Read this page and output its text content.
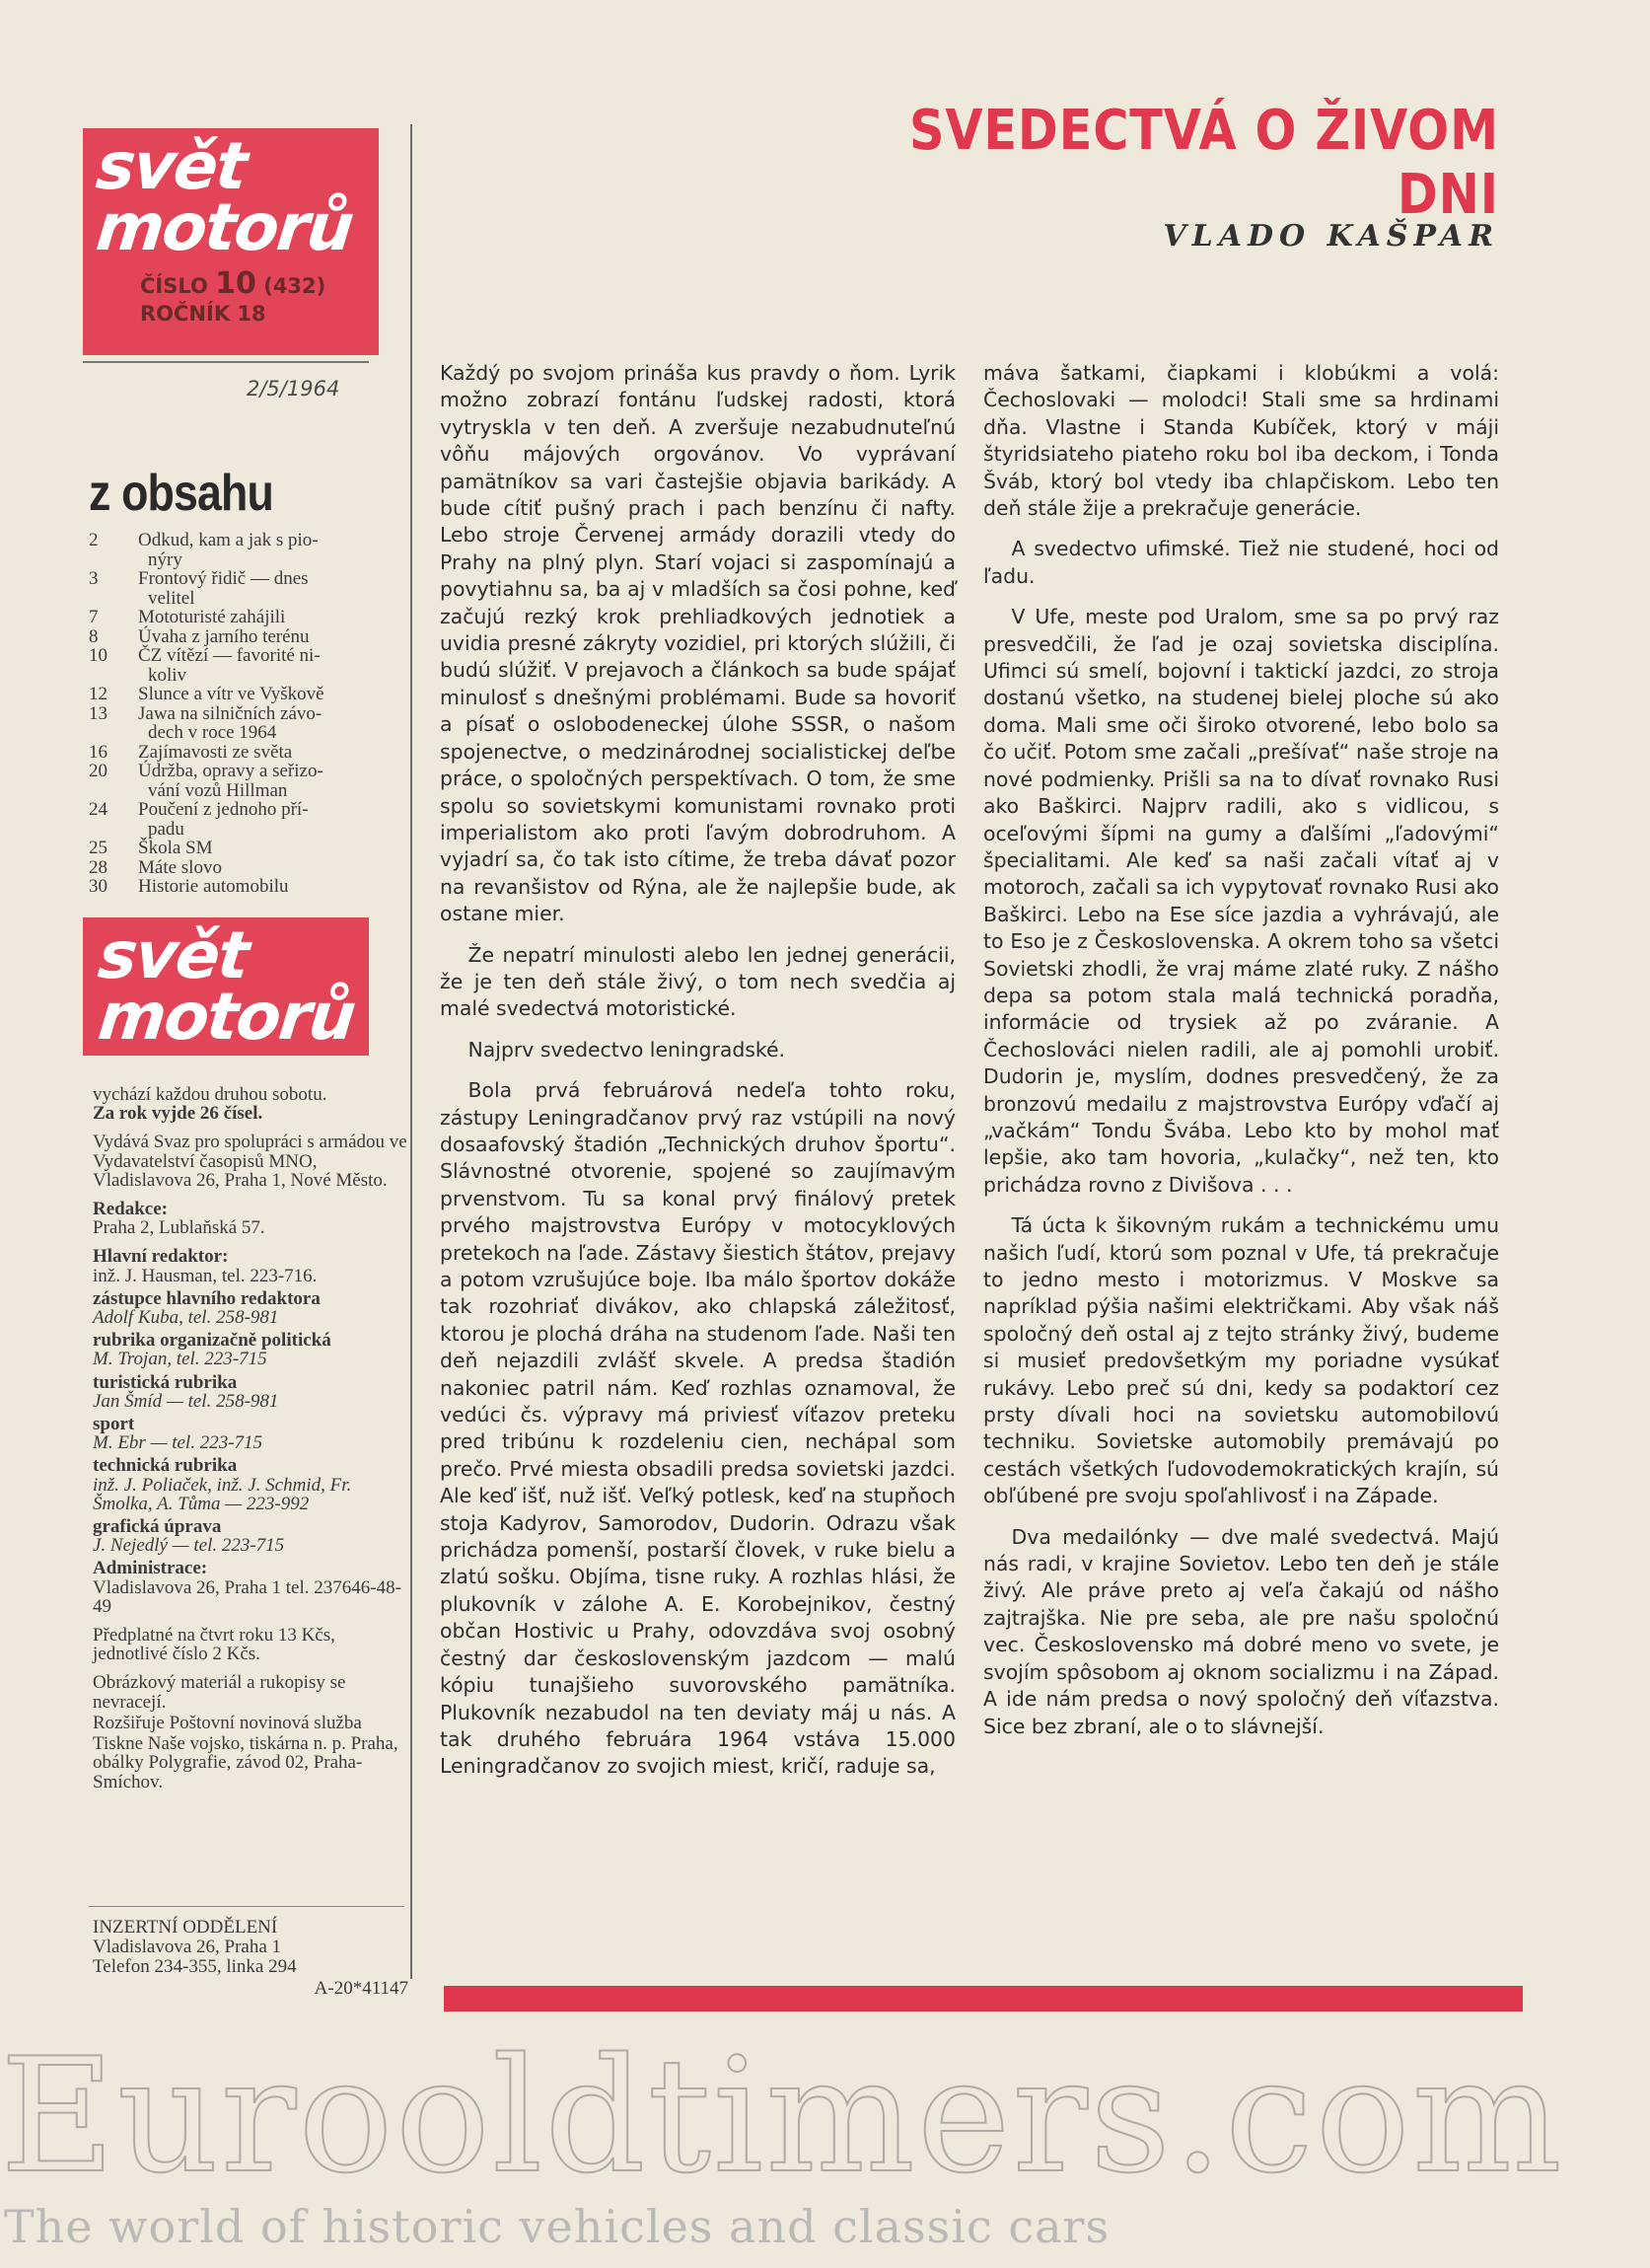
svět
motorů
ČÍSLO 10 (432)
ROČNÍK 18
2/5/1964
z obsahu
2	Odkud, kam a jak s pio-
nýry
3	Frontový řidič — dnes
velitel
7	Mototuristé zahájili
8	Úvaha z jarního terénu
10	ČZ vítězí — favorité ni-
koliv
12	Slunce a vítr ve Vyškově
13	Jawa na silničních závo-
dech v roce 1964
16	Zajímavosti ze světa
20	Údržba, opravy a seřizo-
vání vozů Hillman
24	Poučení z jednoho pří-
padu
25	Škola SM
28	Máte slovo
30	Historie automobilu
svět
motorů

vychází každou druhou sobotu.
Za rok vyjde 26 čísel.

Vydává Svaz pro spolupráci s armádou ve Vydavatelství časopisů MNO, Vladislavova 26, Praha 1, Nové Město.

Redakce:
Praha 2, Lublaňská 57.

Hlavní redaktor:
inž. J. Hausman, tel. 223-716.

zástupce hlavního redaktora
Adolf Kuba, tel. 258-981

rubrika organizačně politická
M. Trojan, tel. 223-715

turistická rubrika
Jan Šmíd — tel. 258-981

sport
M. Ebr — tel. 223-715

technická rubrika
inž. J. Poliaček, inž. J. Schmid, Fr. Šmolka, A. Tůma — 223-992

grafická úprava
J. Nejedlý — tel. 223-715

Administrace:
Vladislavova 26, Praha 1 tel. 237646-48-49

Předplatné na čtvrt roku 13 Kčs, jednotlivé číslo 2 Kčs.

Obrázkový materiál a rukopisy se nevracejí.

Rozšiřuje Poštovní novinová služba

Tiskne Naše vojsko, tiskárna n. p. Praha, obálky Polygrafie, závod 02, Praha-Smíchov.

INZERTNÍ ODDĚLENÍ
Vladislavova 26, Praha 1
Telefon 234-355, linka 294
A-20*41147
SVEDECTVÁ O ŽIVOM DNI
VLADO KAŠPAR

Každý po svojom prináša kus pravdy o ňom. Lyrik možno zobrazí fontánu ľudskej radosti, ktorá vytryskla v ten deň. A zveršuje nezabudnuteľnú vôňu májových orgovánov. Vo vyprávaní pamätníkov sa vari častejšie objavia barikády. A bude cítiť pušný prach i pach benzínu či nafty. Lebo stroje Červenej armády dorazili vtedy do Prahy na plný plyn. Starí vojaci si zaspomínajú a povytiahnu sa, ba aj v mladších sa čosi pohne, keď začujú rezký krok prehliadkových jednotiek a uvidia presné zákryty vozidiel, pri ktorých slúžili, či budú slúžiť. V prejavoch a článkoch sa bude spájať minulosť s dnešnými problémami. Bude sa hovoriť a písať o oslobodeneckej úlohe SSSR, o našom spojenectve, o medzinárodnej socialistickej deľbe práce, o spoločných perspektívach. O tom, že sme spolu so sovietskymi komunistami rovnako proti imperialistom ako proti ľavým dobrodruhom. A vyjadrí sa, čo tak isto cítime, že treba dávať pozor na revanšistov od Rýna, ale že najlepšie bude, ak ostane mier.

Že nepatrí minulosti alebo len jednej generácii, že je ten deň stále živý, o tom nech svedčia aj malé svedectvá motoristické.

Najprv svedectvo leningradské.

Bola prvá februárová nedeľa tohto roku, zástupy Leningradčanov prvý raz vstúpili na nový dosaafovský štadión „Technických druhov športu“. Slávnostné otvorenie, spojené so zaujímavým prvenstvom. Tu sa konal prvý finálový pretek prvého majstrovstva Európy v motocyklových pretekoch na ľade. Zástavy šiestich štátov, prejavy a potom vzrušujúce boje. Iba málo športov dokáže tak rozohriať divákov, ako chlapská záležitosť, ktorou je plochá dráha na studenom ľade. Naši ten deň nejazdili zvlášť skvele. A predsa štadión nakoniec patril nám. Keď rozhlas oznamoval, že vedúci čs. výpravy má priviesť víťazov preteku pred tribúnu k rozdeleniu cien, nechápal som prečo. Prvé miesta obsadili predsa sovietski jazdci. Ale keď išť, nuž išť. Veľký potlesk, keď na stupňoch stoja Kadyrov, Samorodov, Dudorin. Odrazu však prichádza pomenší, postarší človek, v ruke bielu a zlatú sošku. Objíma, tisne ruky. A rozhlas hlási, že plukovník v zálohe A. E. Korobejnikov, čestný občan Hostivic u Prahy, odovzdáva svoj osobný čestný dar československým jazdcom — malú kópiu tunajšieho suvorovského pamätníka. Plukovník nezabudol na ten deviaty máj u nás. A tak druhého februára 1964 vstáva 15.000 Leningradčanov zo svojich miest, kričí, raduje sa,

máva šatkami, čiapkami i klobúkmi a volá: Čechoslovaki — molodci! Stali sme sa hrdinami dňa. Vlastne i Standa Kubíček, ktorý v máji štyridsiateho piateho roku bol iba deckom, i Tonda Šváb, ktorý bol vtedy iba chlapčiskom. Lebo ten deň stále žije a prekračuje generácie.

A svedectvo ufimské. Tiež nie studené, hoci od ľadu.

V Ufe, meste pod Uralom, sme sa po prvý raz presvedčili, že ľad je ozaj sovietska disciplína. Ufimci sú smelí, bojovní i taktickí jazdci, zo stroja dostanú všetko, na studenej bielej ploche sú ako doma. Mali sme oči široko otvorené, lebo bolo sa čo učiť. Potom sme začali „prešívať“ naše stroje na nové podmienky. Prišli sa na to dívať rovnako Rusi ako Baškirci. Najprv radili, ako s vidlicou, s oceľovými šípmi na gumy a ďalšími „ľadovými“ špecialitami. Ale keď sa naši začali vítať aj v motoroch, začali sa ich vypytovať rovnako Rusi ako Baškirci. Lebo na Ese síce jazdia a vyhrávajú, ale to Eso je z Československa. A okrem toho sa všetci Sovietski zhodli, že vraj máme zlaté ruky. Z nášho depa sa potom stala malá technická poradňa, informácie od trysiek až po zváranie. A Čechoslováci nielen radili, ale aj pomohli urobiť. Dudorin je, myslím, dodnes presvedčený, že za bronzovú medailu z majstrovstva Európy vďačí aj „vačkám“ Tondu Švába. Lebo kto by mohol mať lepšie, ako tam hovoria, „kulačky“, než ten, kto prichádza rovno z Divišova . . .

Tá úcta k šikovným rukám a technickému umu našich ľudí, ktorú som poznal v Ufe, tá prekračuje to jedno mesto i motorizmus. V Moskve sa napríklad pýšia našimi električkami. Aby však náš spoločný deň ostal aj z tejto stránky živý, budeme si musieť predovšetkým my poriadne vysúkať rukávy. Lebo preč sú dni, kedy sa podaktorí cez prsty dívali hoci na sovietsku automobilovú techniku. Sovietske automobily premávajú po cestách všetkých ľudovodemokratických krajín, sú obľúbené pre svoju spoľahlivosť i na Západe.

Dva medailónky — dve malé svedectvá. Majú nás radi, v krajine Sovietov. Lebo ten deň je stále živý. Ale práve preto aj veľa čakajú od nášho zajtrajška. Nie pre seba, ale pre našu spoločnú vec. Československo má dobré meno vo svete, je svojím spôsobom aj oknom socializmu i na Západ. A ide nám predsa o nový spoločný deň víťazstva. Sice bez zbraní, ale o to slávnejší.

Eurooldtimers.com
The world of historic vehicles and classic cars
